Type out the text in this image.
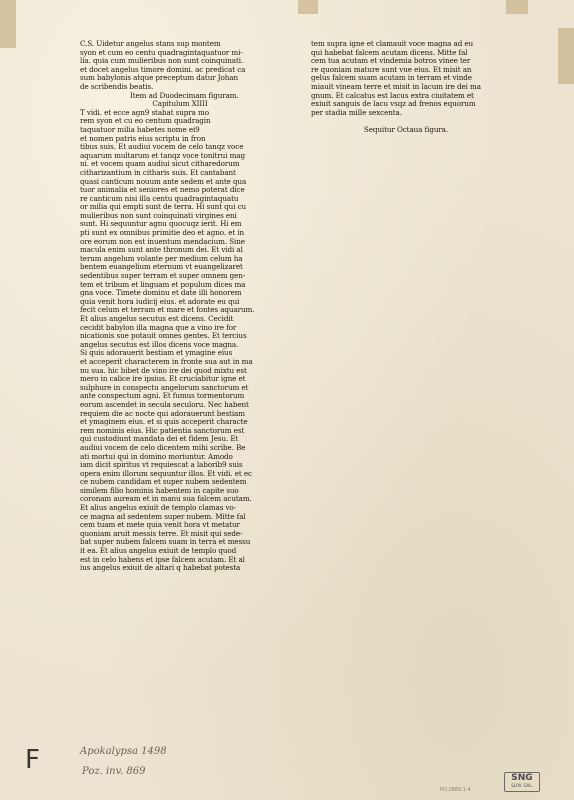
C.S. Uidetur angelus stans sup montem
syon et cum eo centu quadragintaquatuor mi-
lia. quia cum mulieribus non sunt coinquinati.
et docet angelus timore domini. ac predicat ca
sum babylonis atque preceptum datur Johan
de scribendis beatis.
Item ad Duodecimam figuram.
Capitulum XIIII
T vidi. et ecce agn9 stabat supra mo
rem syon et cu eo centum quadragin
taquatuor milia habetes nome ei9
et nomen patris eius scriptu in fron
tibus suis. Et audiui vocem de celo tanqz voce
aquarum multarum et tanqz voce tonitrui mag
ni. et vocem quam audiui sicut citharedorum
citharizantium in citharis suis. Et cantabant
quasi canticum nouum ante sedem et ante qua
tuor animalia et seniores et nemo poterat dice
re canticum nisi illa centu quadragintaquatu
or milia qui empti sunt de terra. Hi sunt qui cu
mulieribus non sunt coinquinati virgines eni
sunt. Hi sequuntur agnu quocuqz ierit. Hi em
pti sunt ex omnibus primitie deo et agno. et in
ore eorum non est inuentum mendacium. Sine
macula enim sunt ante thronum dei. Et vidi al
terum angelum volante per medium celum ha
bentem euangelium eternum vt euangelizaret
sedentibus super terram et super omnem gen-
tem et tribum et linguam et populum dices ma
gna voce. Timete dominu et date illi honorem
quia venit hora iudicij eius. et adorate eu qui
fecit celum et terram et mare et fontes aquarum.
Et alius angelus secutus est dicens. Cecidit
cecidit babylon illa magna que a vino ire for
nicationis sue potauit omnes gentes. Et tercius
angelus secutus est illos dicens voce magna.
Si quis adorauerit bestiam et ymagine eius
et acceperit characterem in fronte sua aut in ma
nu sua. hic bibet de vino ire dei quod mixtu est
mero in calice ire ipsius. Et cruciabitur igne et
sulphure in conspectu angelorum sanctorum et
ante conspectum agni. Et fumus tormentorum
eorum ascendet in secula seculoru. Nec habent
requiem die ac nocte qui adorauerunt bestiam
et ymaginem eius. et si quis acceperit characte
rem nominis eius. Hic patientia sanctorum est
qui custodiunt mandata dei et fidem Jesu. Et
audiui vocem de celo dicentem mihi scribe. Be
ati mortui qui in domino moriuntur. Amodo
iam dicit spiritus vt requiescat a laborib9 suis
opera enim illorum sequuntur illos. Et vidi. et ec
ce nubem candidam et super nubem sedentem
similem filio hominis habentem in capite suo
coronam auream et in manu sua falcem acutam.
Et alius angelus exiuit de templo clamas vo-
ce magna ad sedentem super nubem. Mitte fal
cem tuam et mete quia venit hora vt metatur
quoniam aruit messis terre. Et misit qui sede-
bat super nubem falcem suam in terra et messu
it ea. Et alius angelus exiuit de templo quod
est in celo habens et ipse falcem acutam. Et al
ius angelus exiuit de altari q habebat potesta
tem supra igne et clamauit voce magna ad eu
qui habebat falcem acutam dicens. Mitte fal
cem tua acutam et vindemia botros vinee ter
re quoniam mature sunt vue eius. Et misit an
gelus falcem suam acutam in terram et vinde
miauit vineam terre et misit in lacum ire dei ma
gnum. Et calcatus est lacus extra ciuitatem et
exiuit sanguis de lacu vsqz ad frenos equorum
per stadia mille sexcenta.
Sequitur Octaua figura.
F	Apokalypsa 1498
Poz. inv. 869
PO.2869.1-4
SNG
SLOV. GAL.
